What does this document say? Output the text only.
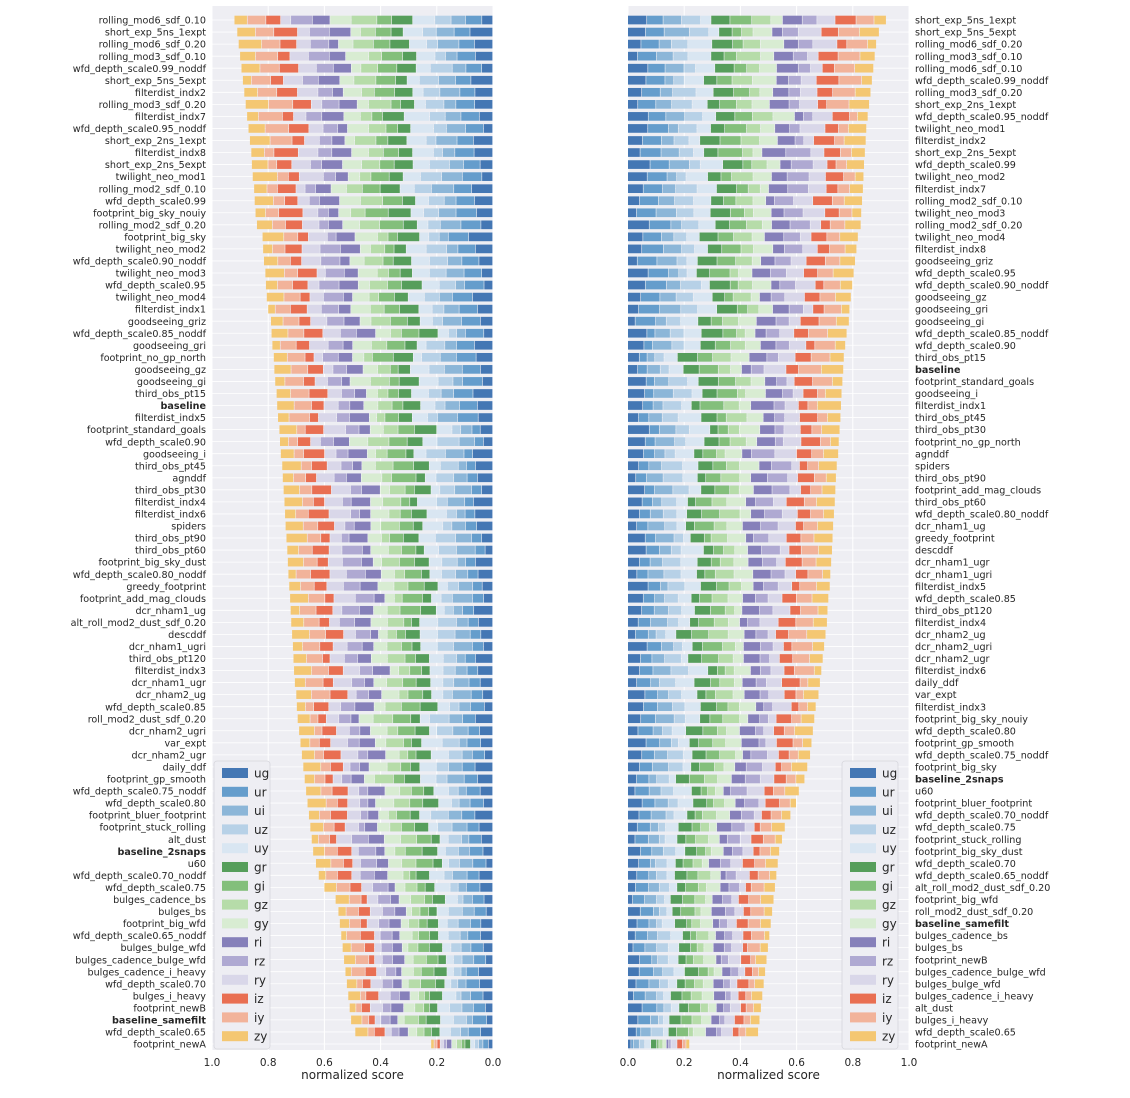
rolling_mod6_sdf_0.10
short_exp_5ns_1expt
rolling_mod6_sdf_0.20
rolling_mod3_sdf_0.10
wfd_depth_scale0.99_noddf
short_exp_5ns_5expt
filterdist_indx2
rolling_mod3_sdf_0.20
filterdist_indx7
wfd_depth_scale0.95_noddf
short_exp_2ns_1expt
filterdist_indx8
short_exp_2ns_5expt
twilight_neo_mod1
rolling_mod2_sdf_0.10
wfd_depth_scale0.99
footprint_big_sky_nouiy
rolling_mod2_sdf_0.20
footprint_big_sky
twilight_neo_mod2
wfd_depth_scale0.90_noddf
twilight_neo_mod3
wfd_depth_scale0.95
twilight_neo_mod4
filterdist_indx1
goodseeing_griz
wfd_depth_scale0.85_noddf
goodseeing_gri
footprint_no_gp_north
goodseeing_gz
goodseeing_gi
third_obs_pt15
baseline
filterdist_indx5
footprint_standard_goals
wfd_depth_scale0.90
goodseeing_i
third_obs_pt45
agnddf
third_obs_pt30
filterdist_indx4
filterdist_indx6
spiders
third_obs_pt90
third_obs_pt60
footprint_big_sky_dust
wfd_depth_scale0.80_noddf
greedy_footprint
footprint_add_mag_clouds
dcr_nham1_ug
alt_roll_mod2_dust_sdf_0.20
descddf
dcr_nham1_ugri
third_obs_pt120
filterdist_indx3
dcr_nham1_ugr
dcr_nham2_ug
wfd_depth_scale0.85
roll_mod2_dust_sdf_0.20
dcr_nham2_ugri
var_expt
dcr_nham2_ugr
daily_ddf
footprint_gp_smooth
wfd_depth_scale0.75_noddf
wfd_depth_scale0.80
footprint_bluer_footprint
footprint_stuck_rolling
alt_dust
baseline_2snaps
u60
wfd_depth_scale0.70_noddf
wfd_depth_scale0.75
bulges_cadence_bs
bulges_bs
footprint_big_wfd
wfd_depth_scale0.65_noddf
bulges_bulge_wfd
bulges_cadence_bulge_wfd
bulges_cadence_i_heavy
wfd_depth_scale0.70
bulges_i_heavy
footprint_newB
baseline_samefilt
wfd_depth_scale0.65
footprint_newA
1.0	0.8	0.6	0.4	0.2	0.0
normalized score
ug
ur
ui
uz
uy
gr
gi
gz
gy
ri
rz
ry
iz
iy
zy
short_exp_5ns_1expt
short_exp_5ns_5expt
rolling_mod6_sdf_0.20
rolling_mod3_sdf_0.10
rolling_mod6_sdf_0.10
wfd_depth_scale0.99_noddf
rolling_mod3_sdf_0.20
short_exp_2ns_1expt
wfd_depth_scale0.95_noddf
twilight_neo_mod1
filterdist_indx2
short_exp_2ns_5expt
wfd_depth_scale0.99
twilight_neo_mod2
filterdist_indx7
rolling_mod2_sdf_0.10
twilight_neo_mod3
rolling_mod2_sdf_0.20
twilight_neo_mod4
filterdist_indx8
goodseeing_griz
wfd_depth_scale0.95
wfd_depth_scale0.90_noddf
goodseeing_gz
goodseeing_gri
goodseeing_gi
wfd_depth_scale0.85_noddf
wfd_depth_scale0.90
third_obs_pt15
baseline
footprint_standard_goals
goodseeing_i
filterdist_indx1
third_obs_pt45
third_obs_pt30
footprint_no_gp_north
agnddf
spiders
third_obs_pt90
footprint_add_mag_clouds
third_obs_pt60
wfd_depth_scale0.80_noddf
dcr_nham1_ug
greedy_footprint
descddf
dcr_nham1_ugr
dcr_nham1_ugri
filterdist_indx5
wfd_depth_scale0.85
third_obs_pt120
filterdist_indx4
dcr_nham2_ug
dcr_nham2_ugri
dcr_nham2_ugr
filterdist_indx6
daily_ddf
var_expt
filterdist_indx3
footprint_big_sky_nouiy
wfd_depth_scale0.80
footprint_gp_smooth
wfd_depth_scale0.75_noddf
footprint_big_sky
baseline_2snaps
u60
footprint_bluer_footprint
wfd_depth_scale0.70_noddf
wfd_depth_scale0.75
footprint_stuck_rolling
footprint_big_sky_dust
wfd_depth_scale0.70
wfd_depth_scale0.65_noddf
alt_roll_mod2_dust_sdf_0.20
footprint_big_wfd
roll_mod2_dust_sdf_0.20
baseline_samefilt
bulges_cadence_bs
bulges_bs
footprint_newB
bulges_cadence_bulge_wfd
bulges_bulge_wfd
bulges_cadence_i_heavy
alt_dust
bulges_i_heavy
wfd_depth_scale0.65
footprint_newA
0.0	0.2	0.4	0.6	0.8	1.0
normalized score
ug
ur
ui
uz
uy
gr
gi
gz
gy
ri
rz
ry
iz
iy
zy
